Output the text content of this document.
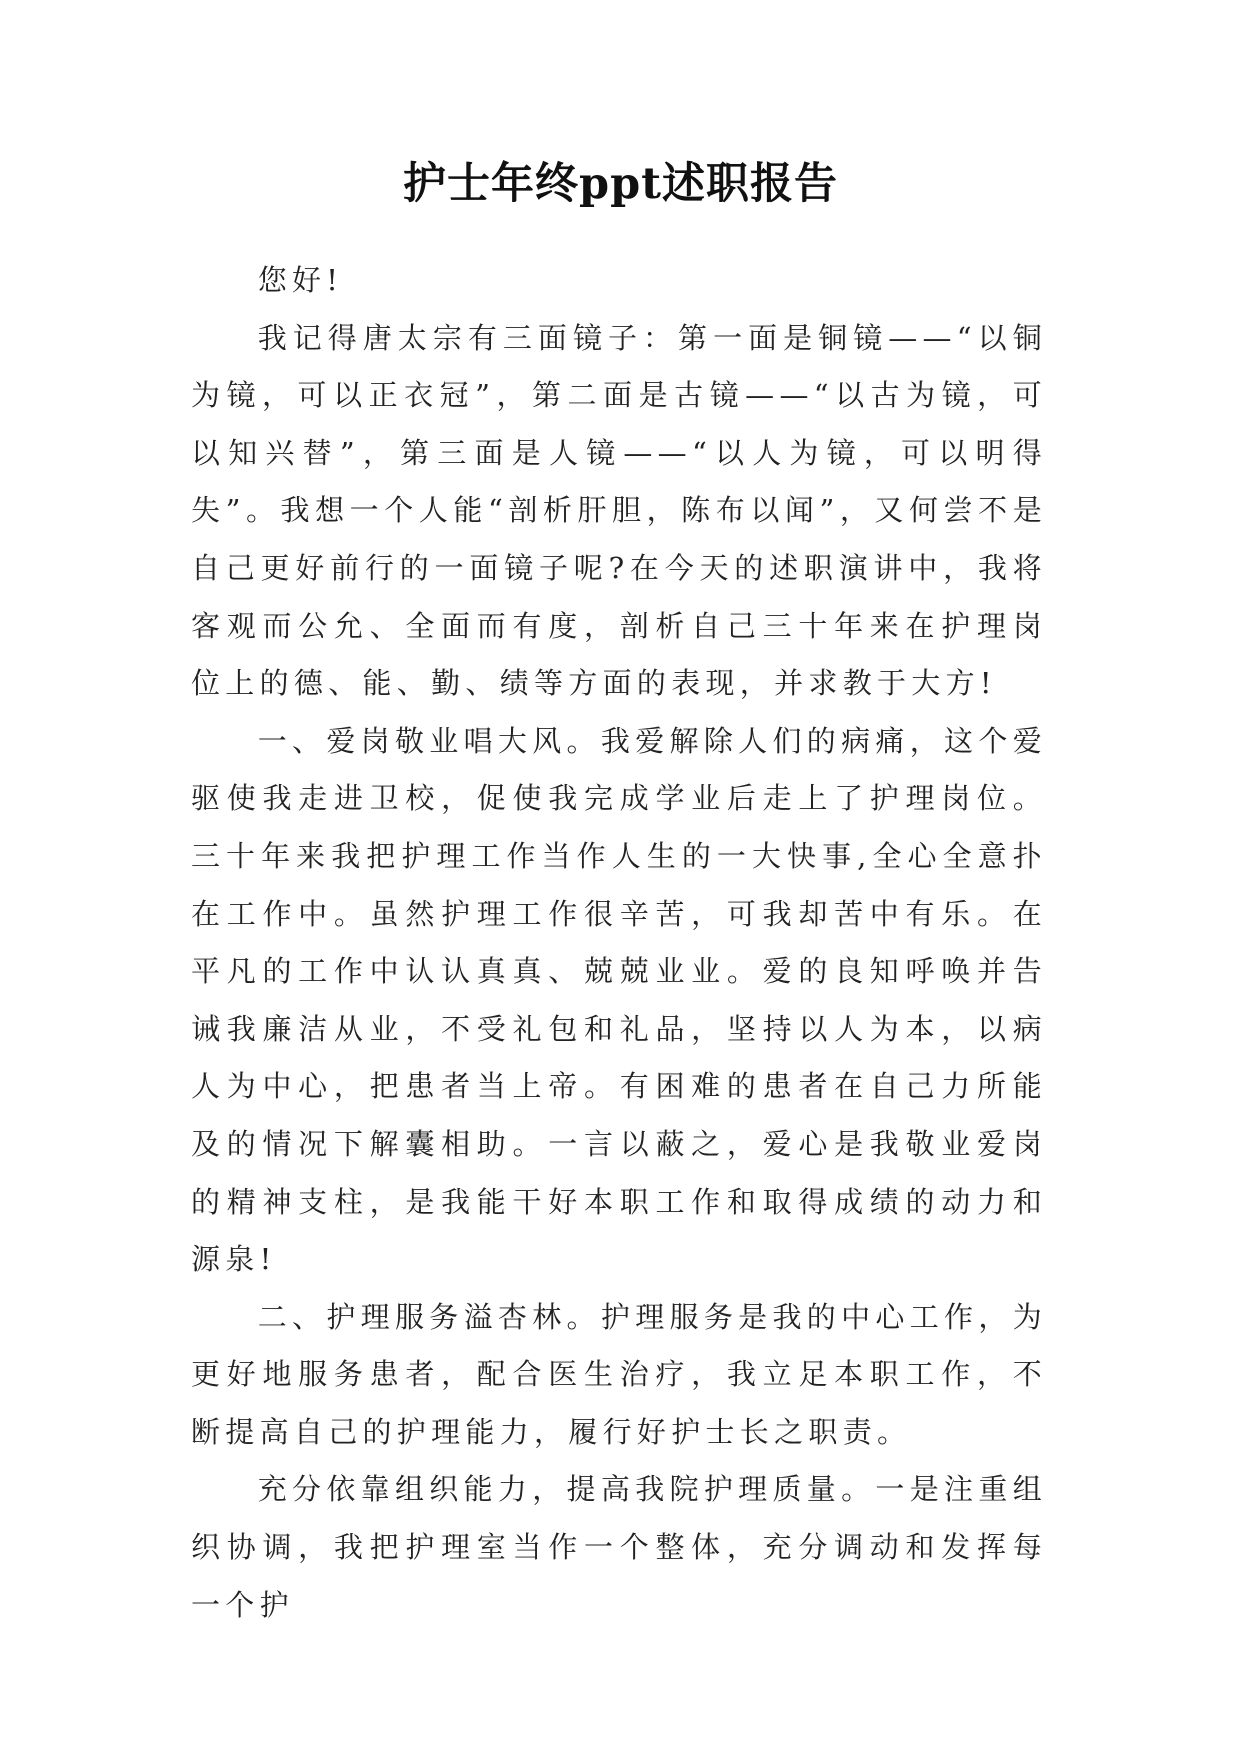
护士年终ppt述职报告

您好!

我记得唐太宗有三面镜子：第一面是铜镜——“以铜为镜，可以正衣冠”，第二面是古镜——“以古为镜，可以知兴替”，第三面是人镜——“以人为镜，可以明得失”。我想一个人能“剖析肝胆，陈布以闻”，又何尝不是自己更好前行的一面镜子呢?在今天的述职演讲中，我将客观而公允、全面而有度，剖析自己三十年来在护理岗位上的德、能、勤、绩等方面的表现，并求教于大方!

一、爱岗敬业唱大风。我爱解除人们的病痛，这个爱驱使我走进卫校，促使我完成学业后走上了护理岗位。三十年来我把护理工作当作人生的一大快事,全心全意扑在工作中。虽然护理工作很辛苦，可我却苦中有乐。在平凡的工作中认认真真、兢兢业业。爱的良知呼唤并告诫我廉洁从业，不受礼包和礼品，坚持以人为本，以病人为中心，把患者当上帝。有困难的患者在自己力所能及的情况下解囊相助。一言以蔽之，爱心是我敬业爱岗的精神支柱，是我能干好本职工作和取得成绩的动力和源泉!

二、护理服务溢杏林。护理服务是我的中心工作，为更好地服务患者，配合医生治疗，我立足本职工作，不断提高自己的护理能力，履行好护士长之职责。

充分依靠组织能力，提高我院护理质量。一是注重组织协调，我把护理室当作一个整体，充分调动和发挥每一个护
